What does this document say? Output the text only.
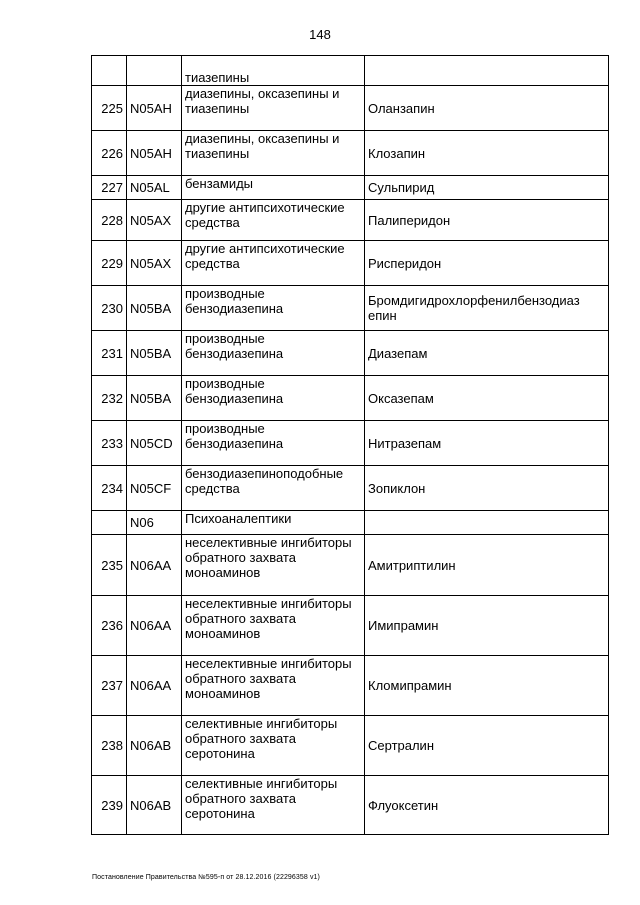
148
		тиазепины	
225	N05AH	диазепины, оксазепины и тиазепины	Оланзапин
226	N05AH	диазепины, оксазепины и тиазепины	Клозапин
227	N05AL	бензамиды	Сульпирид
228	N05AX	другие антипсихотические средства	Палиперидон
229	N05AX	другие антипсихотические средства	Рисперидон
230	N05BA	производные бензодиазепина	Бромдигидрохлорфенилбензодиаз епин
231	N05BA	производные бензодиазепина	Диазепам
232	N05BA	производные бензодиазепина	Оксазепам
233	N05CD	производные бензодиазепина	Нитразепам
234	N05CF	бензодиазепиноподобные средства	Зопиклон
	N06	Психоаналептики	
235	N06AA	неселективные ингибиторы обратного захвата моноаминов	Амитриптилин
236	N06AA	неселективные ингибиторы обратного захвата моноаминов	Имипрамин
237	N06AA	неселективные ингибиторы обратного захвата моноаминов	Кломипрамин
238	N06AB	селективные ингибиторы обратного захвата серотонина	Сертралин
239	N06AB	селективные ингибиторы обратного захвата серотонина	Флуоксетин
Постановление Правительства №595-п от 28.12.2016 (22296358 v1)
